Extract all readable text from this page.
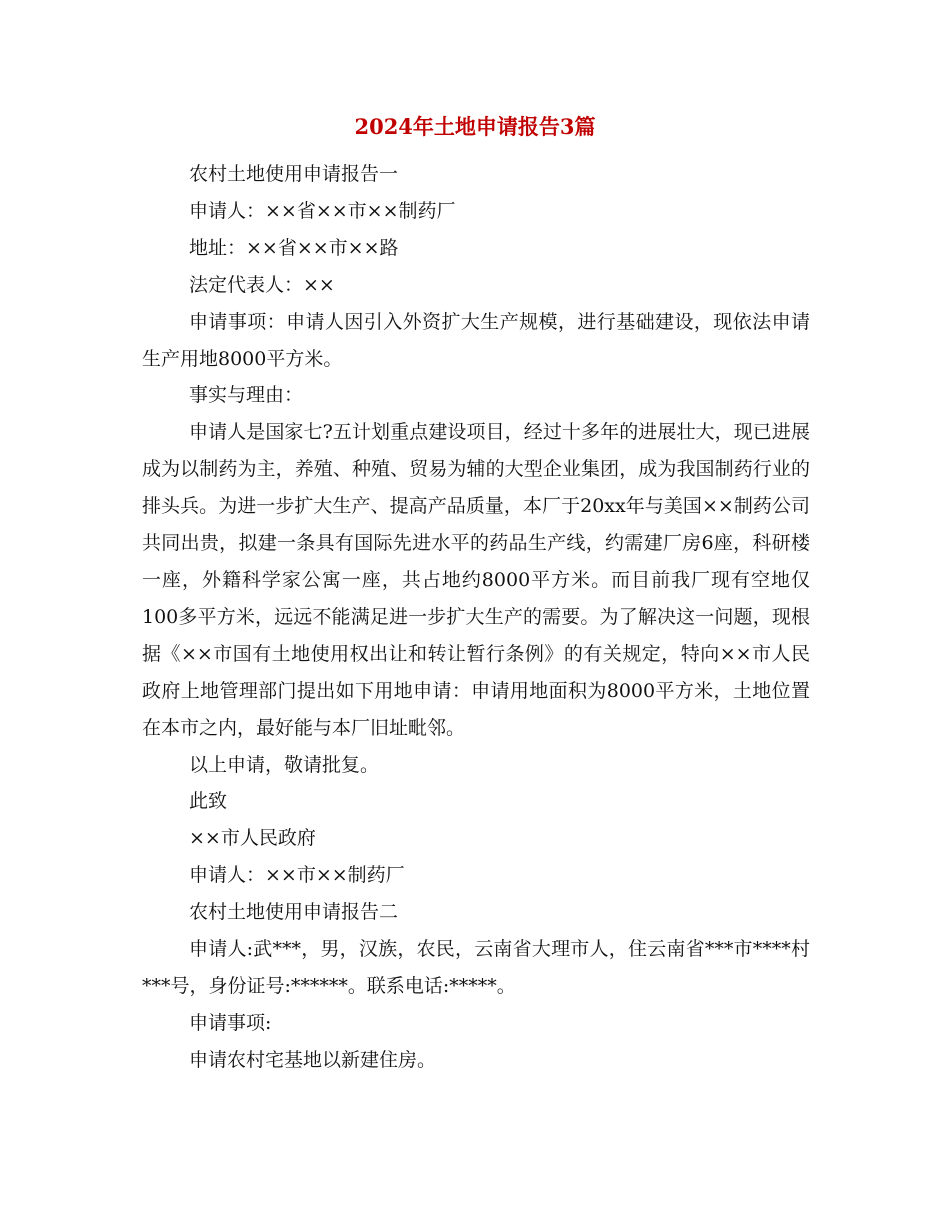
2024年土地申请报告3篇

农村土地使用申请报告一

申请人：××省××市××制药厂

地址：××省××市××路

法定代表人：××

申请事项：申请人因引入外资扩大生产规模，进行基础建设，现依法申请生产用地8000平方米。

事实与理由：

申请人是国家七?五计划重点建设项目，经过十多年的进展壮大，现已进展成为以制药为主，养殖、种殖、贸易为辅的大型企业集团，成为我国制药行业的排头兵。为进一步扩大生产、提高产品质量，本厂于20xx年与美国××制药公司共同出贵，拟建一条具有国际先进水平的药品生产线，约需建厂房6座，科研楼一座，外籍科学家公寓一座，共占地约8000平方米。而目前我厂现有空地仅100多平方米，远远不能满足进一步扩大生产的需要。为了解决这一问题，现根据《××市国有土地使用权出让和转让暂行条例》的有关规定，特向××市人民政府上地管理部门提出如下用地申请：申请用地面积为8000平方米，土地位置在本市之内，最好能与本厂旧址毗邻。

以上申请，敬请批复。

此致

××市人民政府

申请人：××市××制药厂

农村土地使用申请报告二

申请人:武***，男，汉族，农民，云南省大理市人，住云南省***市****村***号，身份证号:******。联系电话:*****。

申请事项:

申请农村宅基地以新建住房。
